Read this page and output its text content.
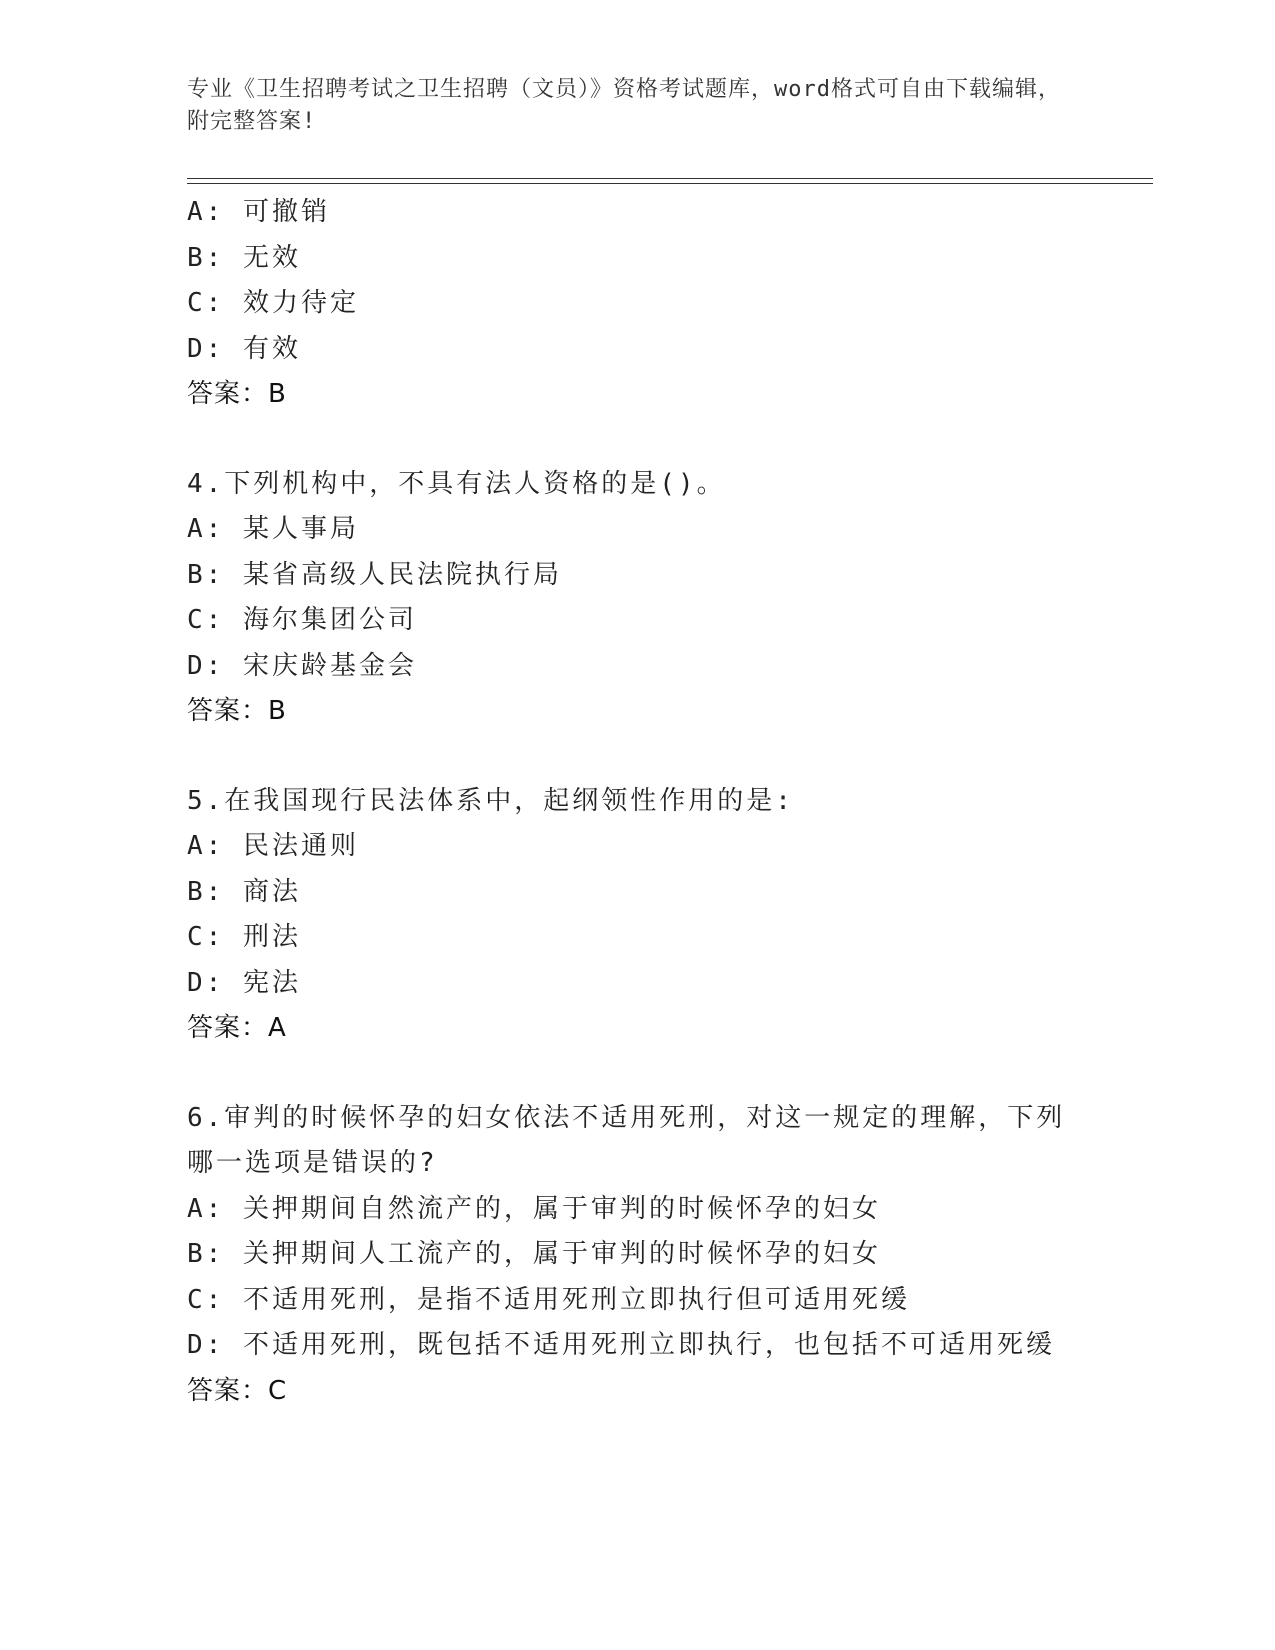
专业《卫生招聘考试之卫生招聘（文员）》资格考试题库，word格式可自由下载编辑，附完整答案!
A: 可撤销
B: 无效
C: 效力待定
D: 有效
答案：B
4.下列机构中，不具有法人资格的是()。
A: 某人事局
B: 某省高级人民法院执行局
C: 海尔集团公司
D: 宋庆龄基金会
答案：B
5.在我国现行民法体系中，起纲领性作用的是:
A: 民法通则
B: 商法
C: 刑法
D: 宪法
答案：A
6.审判的时候怀孕的妇女依法不适用死刑，对这一规定的理解，下列哪一选项是错误的?
A: 关押期间自然流产的，属于审判的时候怀孕的妇女
B: 关押期间人工流产的，属于审判的时候怀孕的妇女
C: 不适用死刑，是指不适用死刑立即执行但可适用死缓
D: 不适用死刑，既包括不适用死刑立即执行，也包括不可适用死缓
答案：C
